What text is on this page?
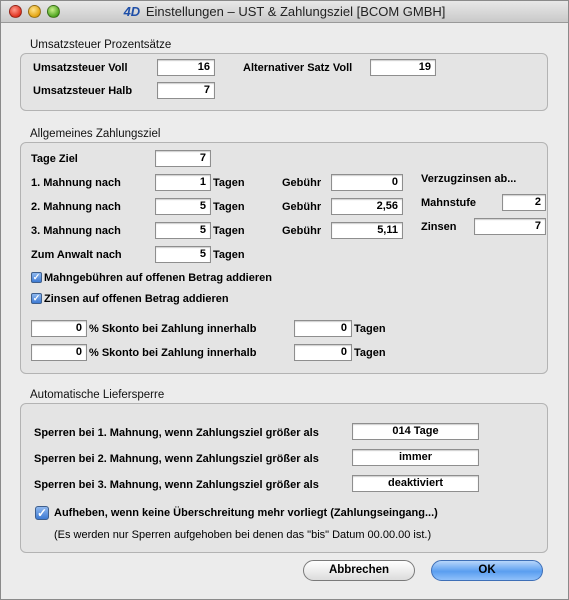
4D Einstellungen – UST & Zahlungsziel [BCOM GMBH]
Umsatzsteuer Prozentsätze
Umsatzsteuer Voll	16
Umsatzsteuer Halb	7
Alternativer Satz Voll	19
Allgemeines Zahlungsziel
Tage Ziel	7
1. Mahnung nach	1 Tagen	Gebühr	0
2. Mahnung nach	5 Tagen	Gebühr	2,56
3. Mahnung nach	5 Tagen	Gebühr	5,11
Zum Anwalt nach	5 Tagen
Verzugzinsen ab...
Mahnstufe	2
Zinsen	7
✓ Mahngebühren auf offenen Betrag addieren
✓ Zinsen auf offenen Betrag addieren
0 % Skonto bei Zahlung innerhalb	0 Tagen
0 % Skonto bei Zahlung innerhalb	0 Tagen
Automatische Liefersperre
Sperren bei 1. Mahnung, wenn Zahlungsziel größer als	014 Tage
Sperren bei 2. Mahnung, wenn Zahlungsziel größer als	immer
Sperren bei 3. Mahnung, wenn Zahlungsziel größer als	deaktiviert
✓ Aufheben, wenn keine Überschreitung mehr vorliegt (Zahlungseingang...)
(Es werden nur Sperren aufgehoben bei denen das "bis" Datum 00.00.00 ist.)
Abbrechen	OK
